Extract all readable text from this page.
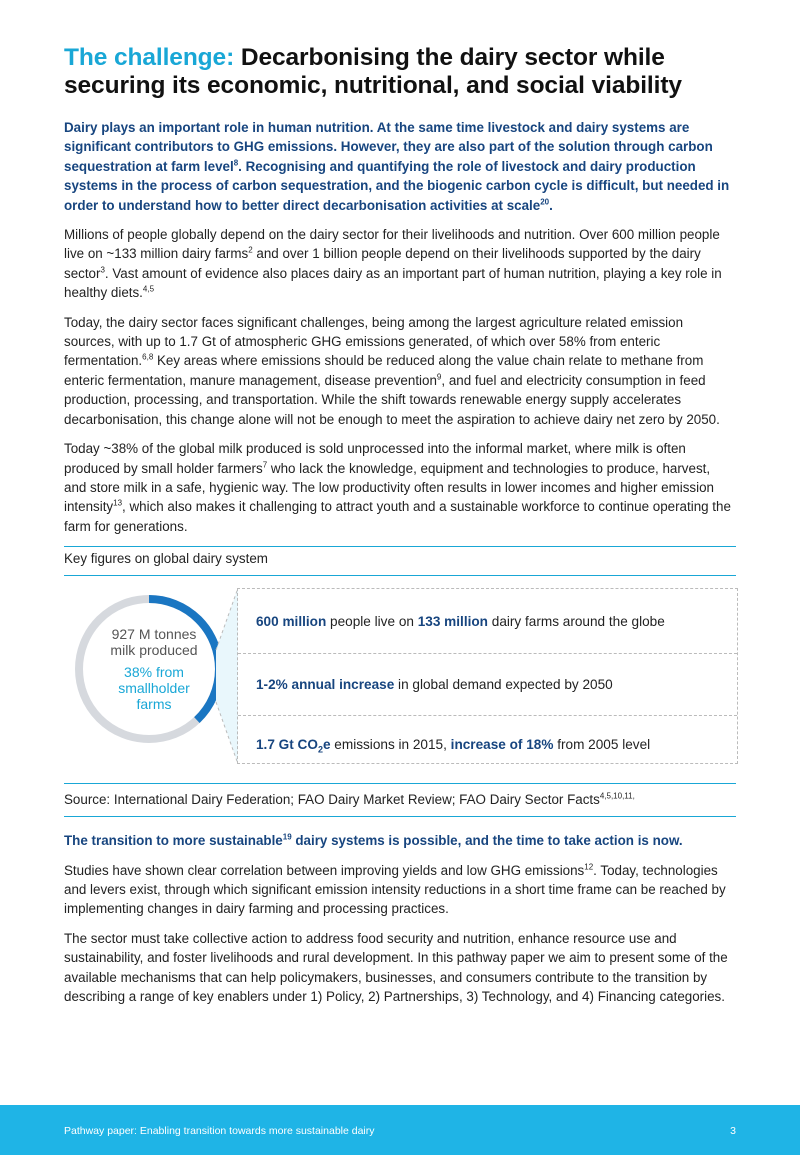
The challenge: Decarbonising the dairy sector while securing its economic, nutritional, and social viability
Dairy plays an important role in human nutrition. At the same time livestock and dairy systems are significant contributors to GHG emissions. However, they are also part of the solution through carbon sequestration at farm level$^8$. Recognising and quantifying the role of livestock and dairy production systems in the process of carbon sequestration, and the biogenic carbon cycle is difficult, but needed in order to understand how to better direct decarbonisation activities at scale$^{20}$.

Millions of people globally depend on the dairy sector for their livelihoods and nutrition. Over 600 million people live on ~133 million dairy farms$^2$ and over 1 billion people depend on their livelihoods supported by the dairy sector$^3$. Vast amount of evidence also places dairy as an important part of human nutrition, playing a key role in healthy diets.$^{4,5}$

Today, the dairy sector faces significant challenges, being among the largest agriculture related emission sources, with up to 1.7 Gt of atmospheric GHG emissions generated, of which over 58% from enteric fermentation.$^{6,8}$ Key areas where emissions should be reduced along the value chain relate to methane from enteric fermentation, manure management, disease prevention$^9$, and fuel and electricity consumption in feed production, processing, and transportation. While the shift towards renewable energy supply accelerates decarbonisation, this change alone will not be enough to meet the aspiration to achieve dairy net zero by 2050.

Today ~38% of the global milk produced is sold unprocessed into the informal market, where milk is often produced by small holder farmers$^7$ who lack the knowledge, equipment and technologies to produce, harvest, and store milk in a safe, hygienic way. The low productivity often results in lower incomes and higher emission intensity$^{13}$, which also makes it challenging to attract youth and a sustainable workforce to continue operating the farm for generations.

Key figures on global dairy system
927 M tonnes
milk produced
38% from
smallholder
farms
600 million people live on 133 million dairy farms around the globe
1-2% annual increase in global demand expected by 2050
1.7 Gt $CO_2e$ emissions in 2015, increase of 18% from 2005 level
Source: International Dairy Federation; FAO Dairy Market Review; FAO Dairy Sector Facts$^{4,5,10,11,}$
The transition to more sustainable$^{19}$ dairy systems is possible, and the time to take action is now.

Studies have shown clear correlation between improving yields and low GHG emissions$^{12}$. Today, technologies and levers exist, through which significant emission intensity reductions in a short time frame can be reached by implementing changes in dairy farming and processing practices.

The sector must take collective action to address food security and nutrition, enhance resource use and sustainability, and foster livelihoods and rural development. In this pathway paper we aim to present some of the available mechanisms that can help policymakers, businesses, and consumers contribute to the transition by describing a range of key enablers under 1) Policy, 2) Partnerships, 3) Technology, and 4) Financing categories.

Pathway paper: Enabling transition towards more sustainable dairy	3
